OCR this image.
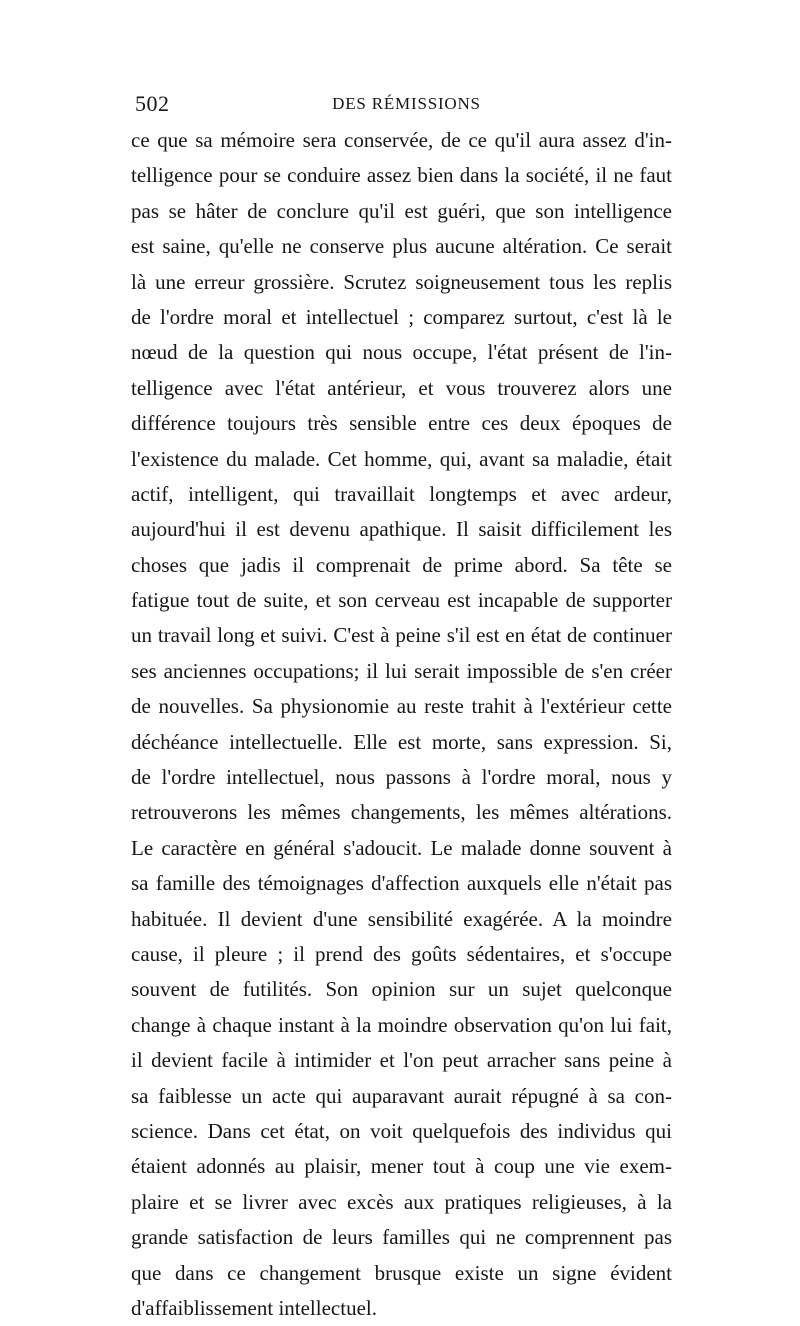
502	DES RÉMISSIONS
ce que sa mémoire sera conservée, de ce qu'il aura assez d'in-
telligence pour se conduire assez bien dans la société, il ne faut
pas se hâter de conclure qu'il est guéri, que son intelligence
est saine, qu'elle ne conserve plus aucune altération. Ce serait
là une erreur grossière. Scrutez soigneusement tous les replis
de l'ordre moral et intellectuel ; comparez surtout, c'est là le
nœud de la question qui nous occupe, l'état présent de l'in-
telligence avec l'état antérieur, et vous trouverez alors une
différence toujours très sensible entre ces deux époques de
l'existence du malade. Cet homme, qui, avant sa maladie, était
actif, intelligent, qui travaillait longtemps et avec ardeur,
aujourd'hui il est devenu apathique. Il saisit difficilement les
choses que jadis il comprenait de prime abord. Sa tête se
fatigue tout de suite, et son cerveau est incapable de supporter
un travail long et suivi. C'est à peine s'il est en état de continuer
ses anciennes occupations; il lui serait impossible de s'en créer
de nouvelles. Sa physionomie au reste trahit à l'extérieur cette
déchéance intellectuelle. Elle est morte, sans expression. Si,
de l'ordre intellectuel, nous passons à l'ordre moral, nous y
retrouverons les mêmes changements, les mêmes altérations.
Le caractère en général s'adoucit. Le malade donne souvent à
sa famille des témoignages d'affection auxquels elle n'était pas
habituée. Il devient d'une sensibilité exagérée. A la moindre
cause, il pleure ; il prend des goûts sédentaires, et s'occupe
souvent de futilités. Son opinion sur un sujet quelconque
change à chaque instant à la moindre observation qu'on lui fait,
il devient facile à intimider et l'on peut arracher sans peine à
sa faiblesse un acte qui auparavant aurait répugné à sa con-
science. Dans cet état, on voit quelquefois des individus qui
étaient adonnés au plaisir, mener tout à coup une vie exem-
plaire et se livrer avec excès aux pratiques religieuses, à la
grande satisfaction de leurs familles qui ne comprennent pas
que dans ce changement brusque existe un signe évident
d'affaiblissement intellectuel.
